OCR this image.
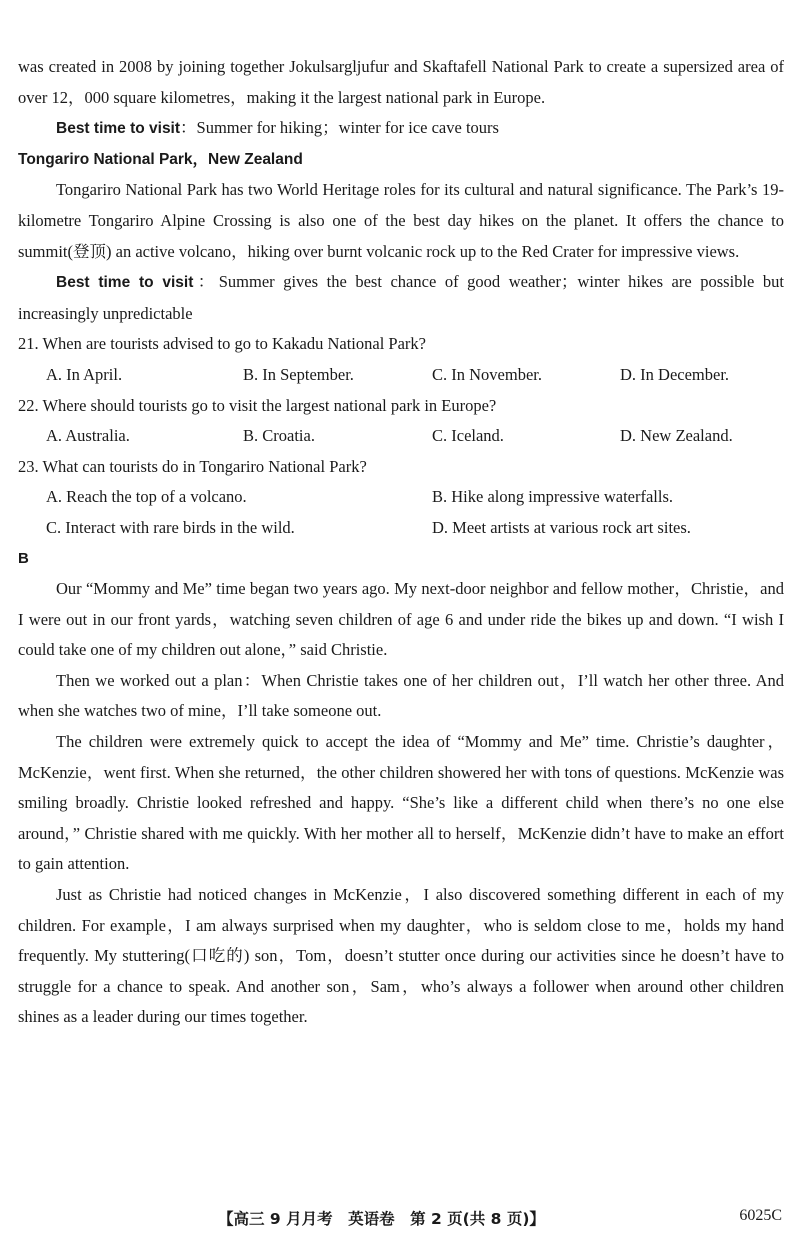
was created in 2008 by joining together Jokulsargljufur and Skaftafell National Park to create a supersized area of over 12，000 square kilometres，making it the largest national park in Europe.

Best time to visit：Summer for hiking；winter for ice cave tours

Tongariro National Park，New Zealand

Tongariro National Park has two World Heritage roles for its cultural and natural significance. The Park’s 19-kilometre Tongariro Alpine Crossing is also one of the best day hikes on the planet. It offers the chance to summit(登顶) an active volcano，hiking over burnt volcanic rock up to the Red Crater for impressive views.

Best time to visit：Summer gives the best chance of good weather；winter hikes are possible but increasingly unpredictable

21. When are tourists advised to go to Kakadu National Park?

A. In April.	B. In September.	C. In November.	D. In December.

22. Where should tourists go to visit the largest national park in Europe?

A. Australia.	B. Croatia.	C. Iceland.	D. New Zealand.

23. What can tourists do in Tongariro National Park?

A. Reach the top of a volcano.	B. Hike along impressive waterfalls.
C. Interact with rare birds in the wild.	D. Meet artists at various rock art sites.

B

Our “Mommy and Me” time began two years ago. My next-door neighbor and fellow mother，Christie，and I were out in our front yards，watching seven children of age 6 and under ride the bikes up and down. “I wish I could take one of my children out alone，” said Christie.

Then we worked out a plan：When Christie takes one of her children out，I’ll watch her other three. And when she watches two of mine，I’ll take someone out.

The children were extremely quick to accept the idea of “Mommy and Me” time. Christie’s daughter，McKenzie，went first. When she returned，the other children showered her with tons of questions. McKenzie was smiling broadly. Christie looked refreshed and happy. “She’s like a different child when there’s no one else around，” Christie shared with me quickly. With her mother all to herself，McKenzie didn’t have to make an effort to gain attention.

Just as Christie had noticed changes in McKenzie，I also discovered something different in each of my children. For example，I am always surprised when my daughter，who is seldom close to me，holds my hand frequently. My stuttering(口吃的) son，Tom，doesn’t stutter once during our activities since he doesn’t have to struggle for a chance to speak. And another son，Sam，who’s always a follower when around other children shines as a leader during our times together.

【高三 9 月月考　英语卷　第 2 页(共 8 页)】	6025C
